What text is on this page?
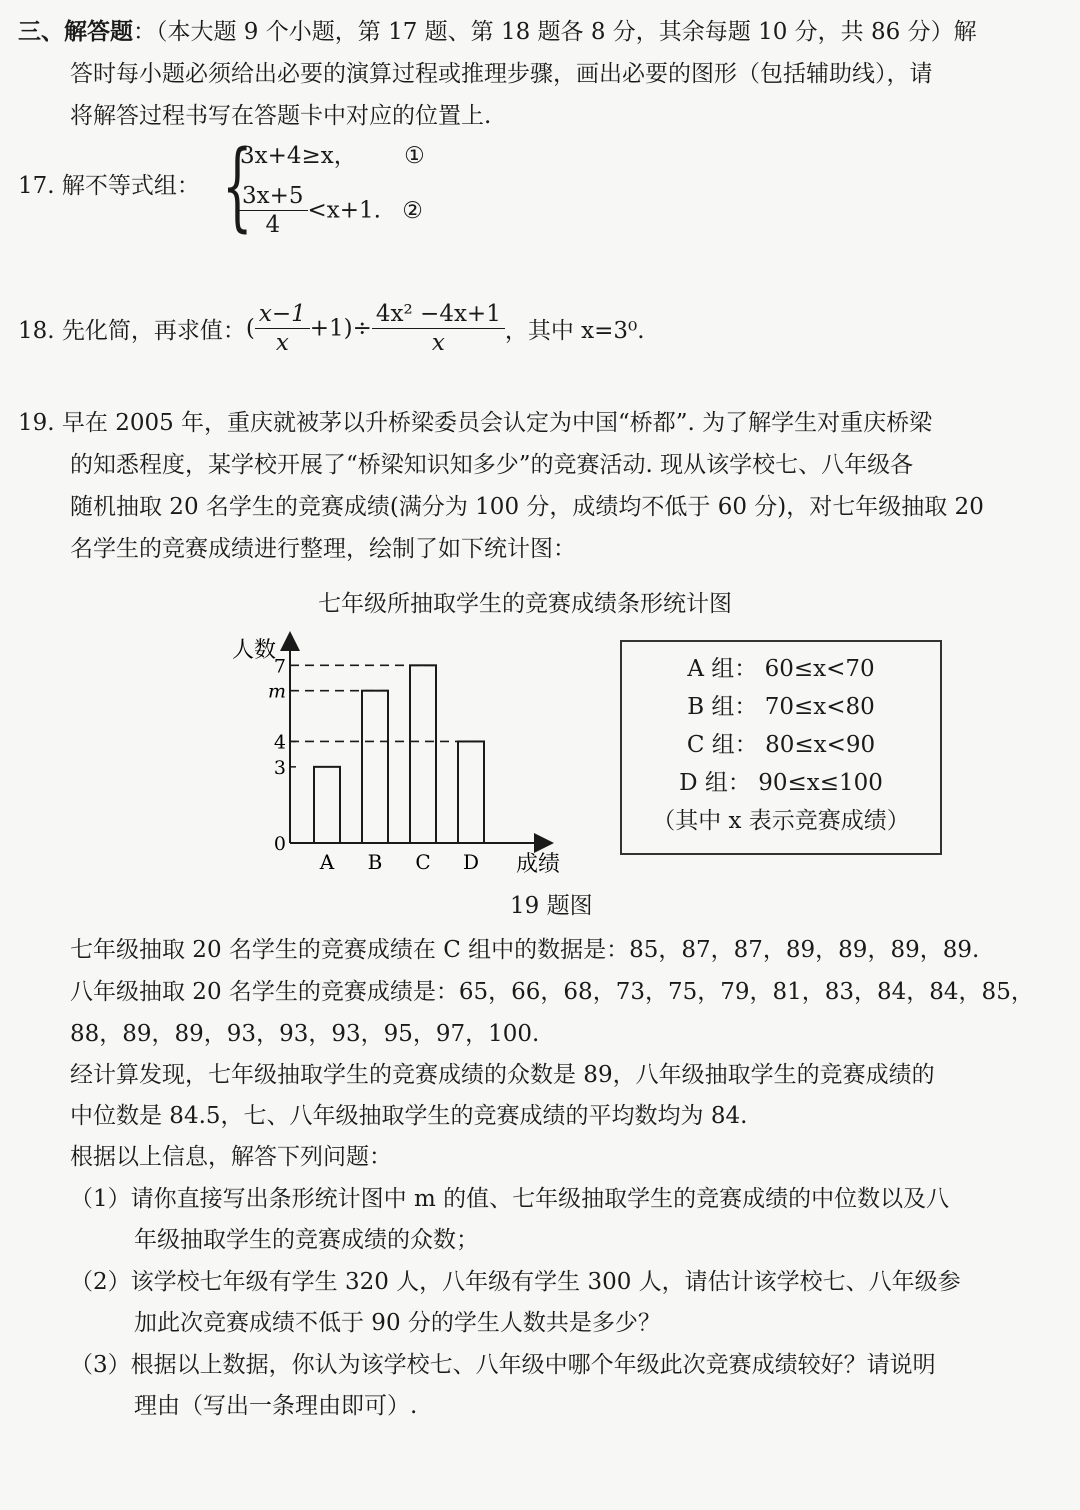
三、解答题：（本大题 9 个小题，第 17 题、第 18 题各 8 分，其余每题 10 分，共 86 分）解
答时每小题必须给出必要的演算过程或推理步骤，画出必要的图形（包括辅助线），请
将解答过程书写在答题卡中对应的位置上.
17. 解不等式组： {
3x+4≥x， ①
$\frac{3x+5}{4} <x+1$. ②
18. 先化简，再求值：( $\frac{x-1}{x} +1)\div \frac{\text{4x² −4x+1}}{x}$ ，其中 x=3⁰.
19. 早在 2005 年，重庆就被茅以升桥梁委员会认定为中国“桥都”. 为了解学生对重庆桥梁
的知悉程度，某学校开展了“桥梁知识知多少”的竞赛活动. 现从该学校七、八年级各
随机抽取 20 名学生的竞赛成绩(满分为 100 分，成绩均不低于 60 分)，对七年级抽取 20
名学生的竞赛成绩进行整理，绘制了如下统计图：
七年级所抽取学生的竞赛成绩条形统计图
人数
成绩
0
3
4
m
7
A B C D
A 组： 60≤x<70
B 组： 70≤x<80
C 组： 80≤x<90
D 组： 90≤x≤100
（其中 x 表示竞赛成绩）
19 题图
七年级抽取 20 名学生的竞赛成绩在 C 组中的数据是：85，87，87，89，89，89，89.
八年级抽取 20 名学生的竞赛成绩是：65，66，68，73，75，79，81，83，84，84，85，
88，89，89，93，93，93，95，97，100.
经计算发现，七年级抽取学生的竞赛成绩的众数是 89，八年级抽取学生的竞赛成绩的
中位数是 84.5，七、八年级抽取学生的竞赛成绩的平均数均为 84.
根据以上信息，解答下列问题：
（1）请你直接写出条形统计图中 m 的值、七年级抽取学生的竞赛成绩的中位数以及八
年级抽取学生的竞赛成绩的众数；
（2）该学校七年级有学生 320 人，八年级有学生 300 人，请估计该学校七、八年级参
加此次竞赛成绩不低于 90 分的学生人数共是多少？
（3）根据以上数据，你认为该学校七、八年级中哪个年级此次竞赛成绩较好？请说明
理由（写出一条理由即可）.
